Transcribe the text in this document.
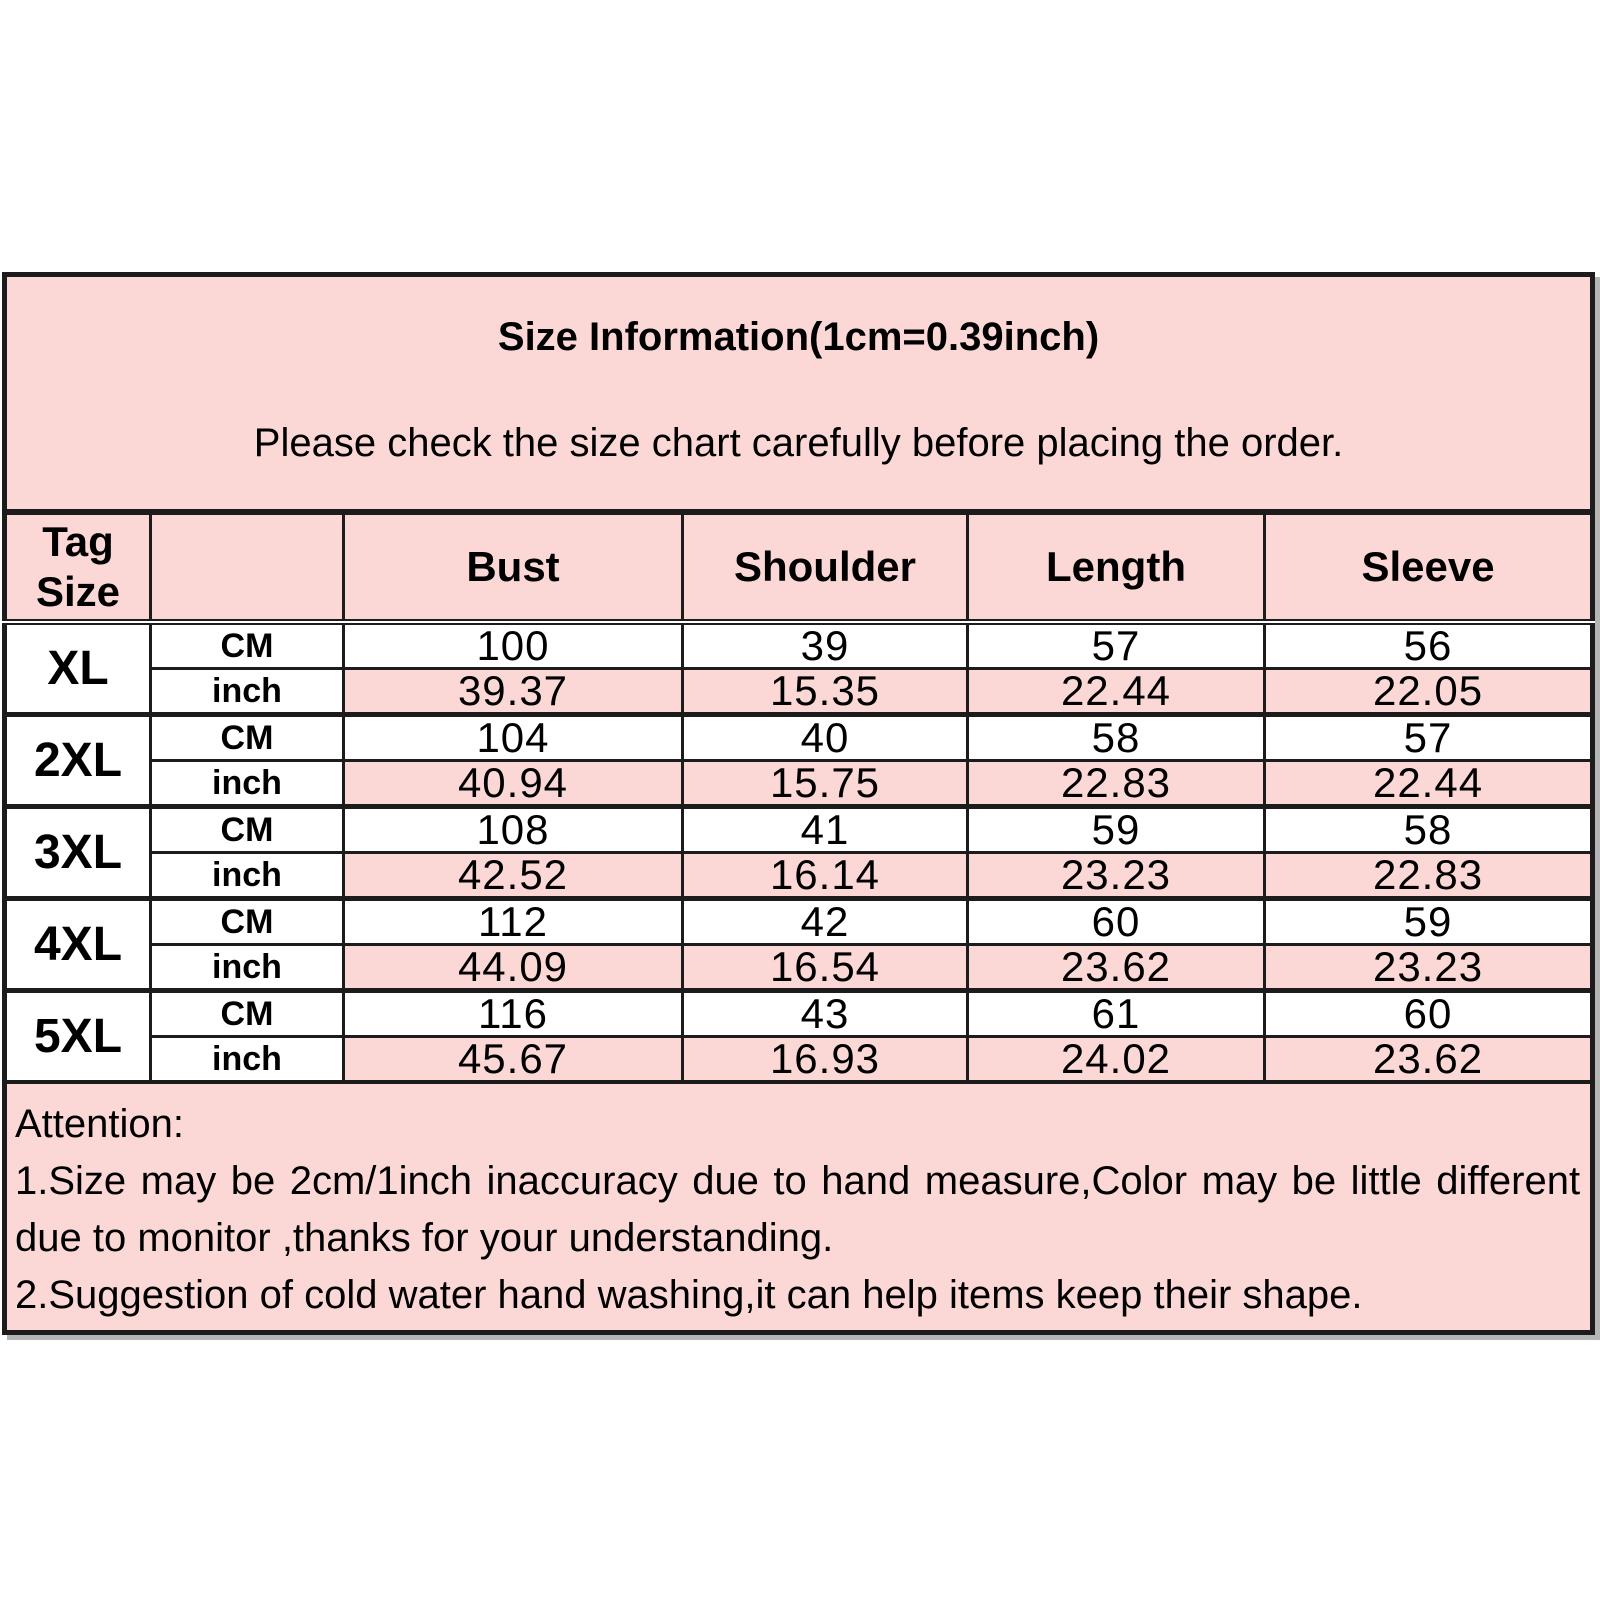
Size Information(1cm=0.39inch)
Please check the size chart carefully before placing the order.					

Tag
Size		Bust	Shoulder	Length	Sleeve
XL	CM	100	39	57	56
	inch	39.37	15.35	22.44	22.05
2XL	CM	104	40	58	57
	inch	40.94	15.75	22.83	22.44
3XL	CM	108	41	59	58
	inch	42.52	16.14	23.23	22.83
4XL	CM	112	42	60	59
	inch	44.09	16.54	23.62	23.23
5XL	CM	116	43	61	60
	inch	45.67	16.93	24.02	23.62

Attention:

1.Size may be 2cm/1inch inaccuracy due to hand measure,Color may be little different due to monitor ,thanks for your understanding.

2.Suggestion of cold water hand washing,it can help items keep their shape.					
